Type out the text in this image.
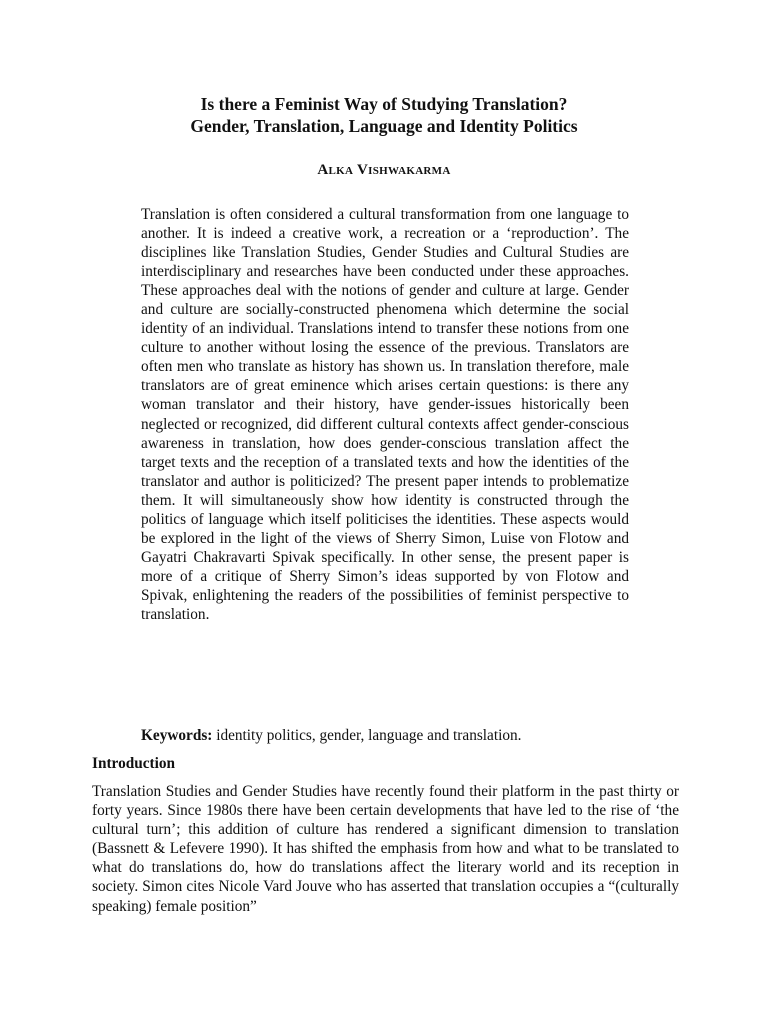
Is there a Feminist Way of Studying Translation?
Gender, Translation, Language and Identity Politics
Alka Vishwakarma

Translation is often considered a cultural transformation from one language to another. It is indeed a creative work, a recreation or a ‘reproduction’. The disciplines like Translation Studies, Gender Studies and Cultural Studies are interdisciplinary and researches have been conducted under these approaches. These approaches deal with the notions of gender and culture at large. Gender and culture are socially-constructed phenomena which determine the social identity of an individual. Translations intend to transfer these notions from one culture to another without losing the essence of the previous. Translators are often men who translate as history has shown us. In translation therefore, male translators are of great eminence which arises certain questions: is there any woman translator and their history, have gender-issues historically been neglected or recognized, did different cultural contexts affect gender-conscious awareness in translation, how does gender-conscious translation affect the target texts and the reception of a translated texts and how the identities of the translator and author is politicized? The present paper intends to problematize them. It will simultaneously show how identity is constructed through the politics of language which itself politicises the identities. These aspects would be explored in the light of the views of Sherry Simon, Luise von Flotow and Gayatri Chakravarti Spivak specifically. In other sense, the present paper is more of a critique of Sherry Simon’s ideas supported by von Flotow and Spivak, enlightening the readers of the possibilities of feminist perspective to translation.

Keywords: identity politics, gender, language and translation.

Introduction

Translation Studies and Gender Studies have recently found their platform in the past thirty or forty years. Since 1980s there have been certain developments that have led to the rise of ‘the cultural turn’; this addition of culture has rendered a significant dimension to translation (Bassnett & Lefevere 1990). It has shifted the emphasis from how and what to be translated to what do translations do, how do translations affect the literary world and its reception in society. Simon cites Nicole Vard Jouve who has asserted that translation occupies a “(culturally speaking) female position”
